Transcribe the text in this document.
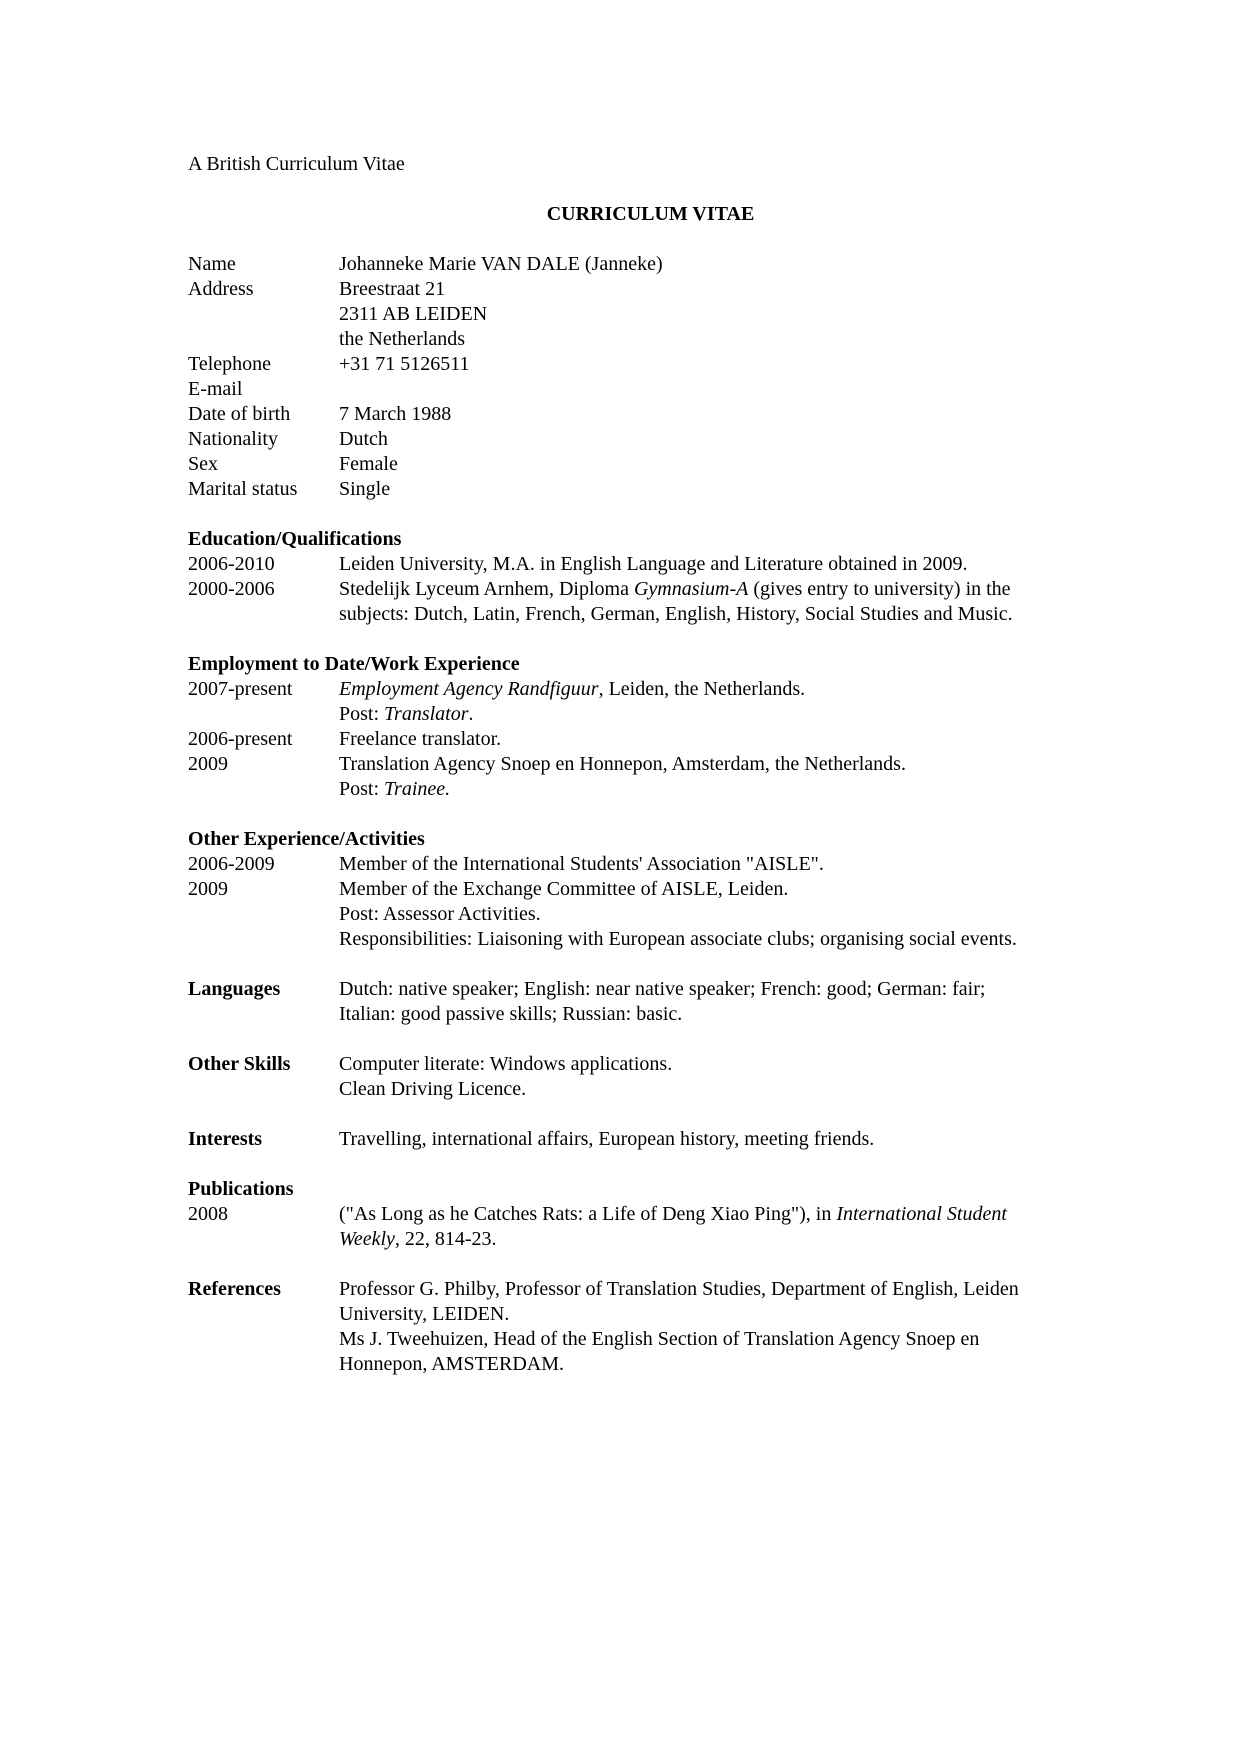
A British Curriculum Vitae
CURRICULUM VITAE
Name	Johanneke Marie VAN DALE (Janneke)
Address	Breestraat 21
2311 AB LEIDEN
the Netherlands
Telephone	+31 71 5126511
E-mail
Date of birth	7 March 1988
Nationality	Dutch
Sex	Female
Marital status	Single
Education/Qualifications
2006-2010	Leiden University, M.A. in English Language and Literature obtained in 2009.
2000-2006	Stedelijk Lyceum Arnhem, Diploma Gymnasium-A (gives entry to university) in the
subjects: Dutch, Latin, French, German, English, History, Social Studies and Music.
Employment to Date/Work Experience
2007-present	Employment Agency Randfiguur, Leiden, the Netherlands.
Post: Translator.
2006-present	Freelance translator.
2009	Translation Agency Snoep en Honnepon, Amsterdam, the Netherlands.
Post: Trainee.
Other Experience/Activities
2006-2009	Member of the International Students' Association "AISLE".
2009	Member of the Exchange Committee of AISLE, Leiden.
Post: Assessor Activities.
Responsibilities: Liaisoning with European associate clubs; organising social events.
Languages	Dutch: native speaker; English: near native speaker; French: good; German: fair;
Italian: good passive skills; Russian: basic.
Other Skills	Computer literate: Windows applications.
Clean Driving Licence.
Interests	Travelling, international affairs, European history, meeting friends.
Publications
2008	("As Long as he Catches Rats: a Life of Deng Xiao Ping"), in International Student
Weekly, 22, 814-23.
References	Professor G. Philby, Professor of Translation Studies, Department of English, Leiden
University, LEIDEN.
Ms J. Tweehuizen, Head of the English Section of Translation Agency Snoep en
Honnepon, AMSTERDAM.
